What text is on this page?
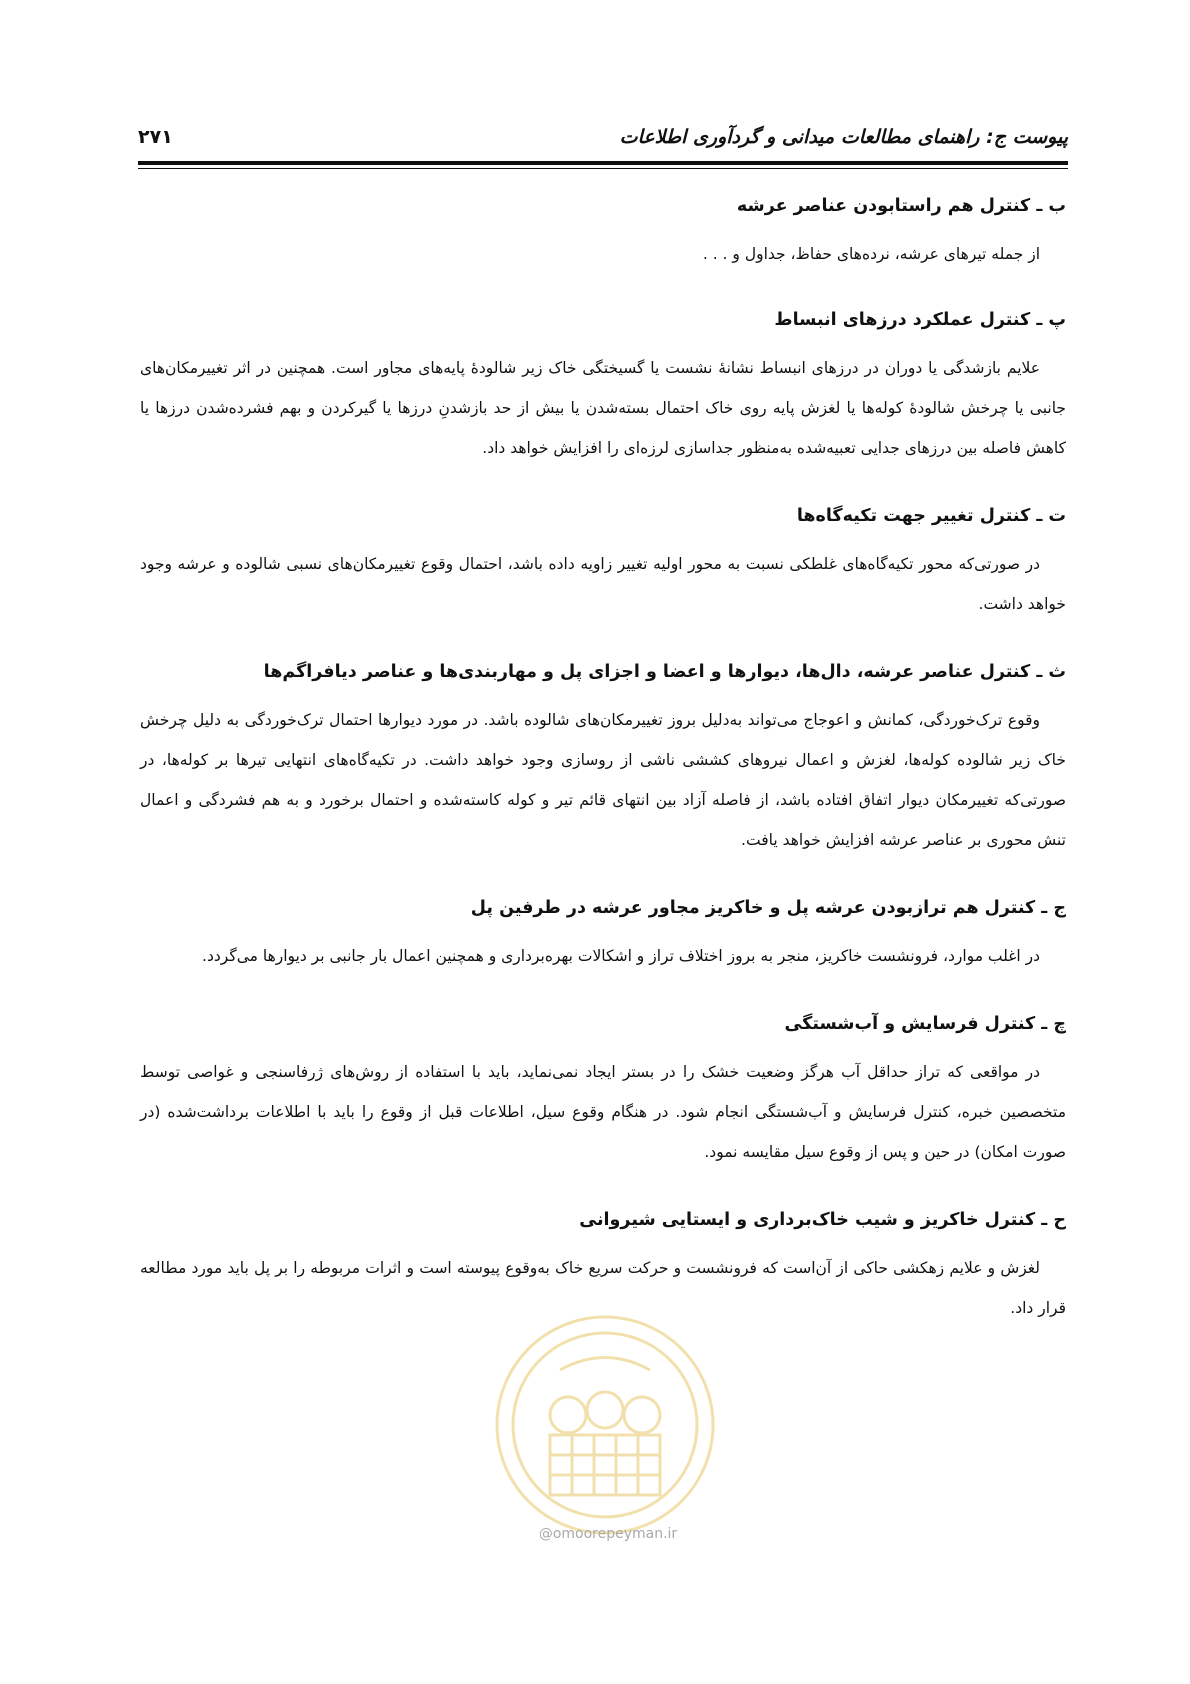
پیوست ج: راهنمای مطالعات میدانی و گردآوری اطلاعات
۲۷۱
ب ـ کنترل هم راستابودن عناصر عرشه

از جمله تیرهای عرشه، نردەهای حفاظ، جداول و . . .

پ ـ کنترل عملکرد درزهای انبساط

علایم بازشدگی یا دوران در درزهای انبساط نشانهٔ نشست یا گسیختگی خاک زیر شالودهٔ پایه‌های مجاور است. همچنین در اثر تغییرمکان‌های جانبی یا چرخش شالودهٔ کوله‌ها یا لغزش پایه روی خاک احتمال بسته‌شدن یا بیش از حد بازشدنِ درزها یا گیرکردن و بهم فشرده‌شدن درزها یا کاهش فاصله بین درزهای جدایی تعبیه‌شده به‌منظور جداسازی لرزه‌ای را افزایش خواهد داد.

ت ـ کنترل تغییر جهت تکیه‌گاه‌ها

در صورتی‌که محور تکیه‌گاه‌های غلطکی نسبت به محور اولیه تغییر زاویه داده باشد، احتمال وقوع تغییرمکان‌های نسبی شالوده و عرشه وجود خواهد داشت.

ث ـ کنترل عناصر عرشه، دال‌ها، دیوارها و اعضا و اجزای پل و مهاربندی‌ها و عناصر دیافراگم‌ها

وقوع ترک‌خوردگی، کمانش و اعوجاج می‌تواند به‌دلیل بروز تغییرمکان‌های شالوده باشد. در مورد دیوارها احتمال ترک‌خوردگی به دلیل چرخش خاک زیر شالوده کوله‌ها، لغزش و اعمال نیروهای کششی ناشی از روسازی وجود خواهد داشت. در تکیه‌گاه‌های انتهایی تیرها بر کوله‌ها، در صورتی‌که تغییرمکان دیوار اتفاق افتاده باشد، از فاصله آزاد بین انتهای قائم تیر و کوله کاسته‌شده و احتمال برخورد و به هم فشردگی و اعمال تنش محوری بر عناصر عرشه افزایش خواهد یافت.

ج ـ کنترل هم ترازبودن عرشه پل و خاکریز مجاور عرشه در طرفین پل

در اغلب موارد، فرونشست خاکریز، منجر به بروز اختلاف تراز و اشکالات بهره‌برداری و همچنین اعمال بار جانبی بر دیوارها می‌گردد.

چ ـ کنترل فرسایش و آب‌شستگی

در مواقعی که تراز حداقل آب هرگز وضعیت خشک را در بستر ایجاد نمی‌نماید، باید با استفاده از روش‌های ژرفاسنجی و غواصی توسط متخصصین خبره، کنترل فرسایش و آب‌شستگی انجام شود. در هنگام وقوع سیل، اطلاعات قبل از وقوع را باید با اطلاعات برداشت‌شده (در صورت امکان) در حین و پس از وقوع سیل مقایسه نمود.

ح ـ کنترل خاکریز و شیب خاک‌برداری و ایستایی شیروانی

لغزش و علایم زهکشی حاکی از آن‌است که فرونشست و حرکت سریع خاک به‌وقوع پیوسته است و اثرات مربوطه را بر پل باید مورد مطالعه قرار داد.

@omoorepeyman.ir
